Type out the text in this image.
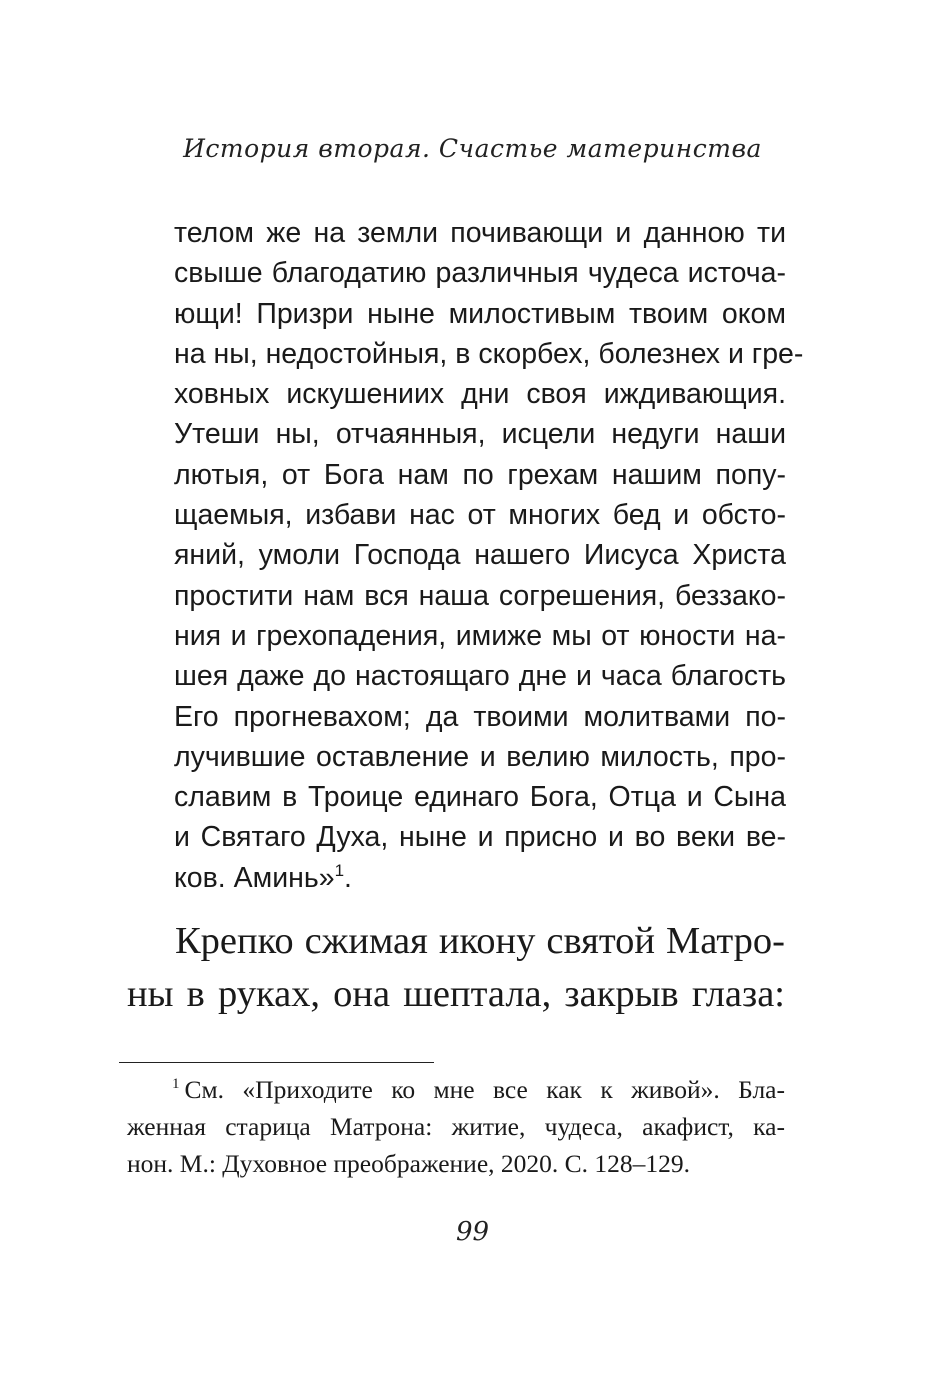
История вторая. Счастье материнства
телом же на земли почивающи и данною ти
свыше благодатию различныя чудеса источа-
ющи! Призри ныне милостивым твоим оком
на ны, недостойныя, в скорбех, болезнех и гре-
ховных искушениих дни своя иждивающия.
Утеши ны, отчаянныя, исцели недуги наши
лютыя, от Бога нам по грехам нашим попу-
щаемыя, избави нас от многих бед и обсто-
яний, умоли Господа нашего Иисуса Христа
простити нам вся наша согрешения, беззако-
ния и грехопадения, имиже мы от юности на-
шея даже до настоящаго дне и часа благость
Его прогневахом; да твоими молитвами по-
лучившие оставление и велию милость, про-
славим в Троице единаго Бога, Отца и Сына
и Святаго Духа, ныне и присно и во веки ве-
ков. Аминь»$^1$.
Крепко сжимая икону святой Матро-
ны в руках, она шептала, закрыв глаза:
$^1$ См. «Приходите ко мне все как к живой». Бла-
женная старица Матрона: житие, чудеса, акафист, ка-
нон. М.: Духовное преображение, 2020. С. 128–129.
99
